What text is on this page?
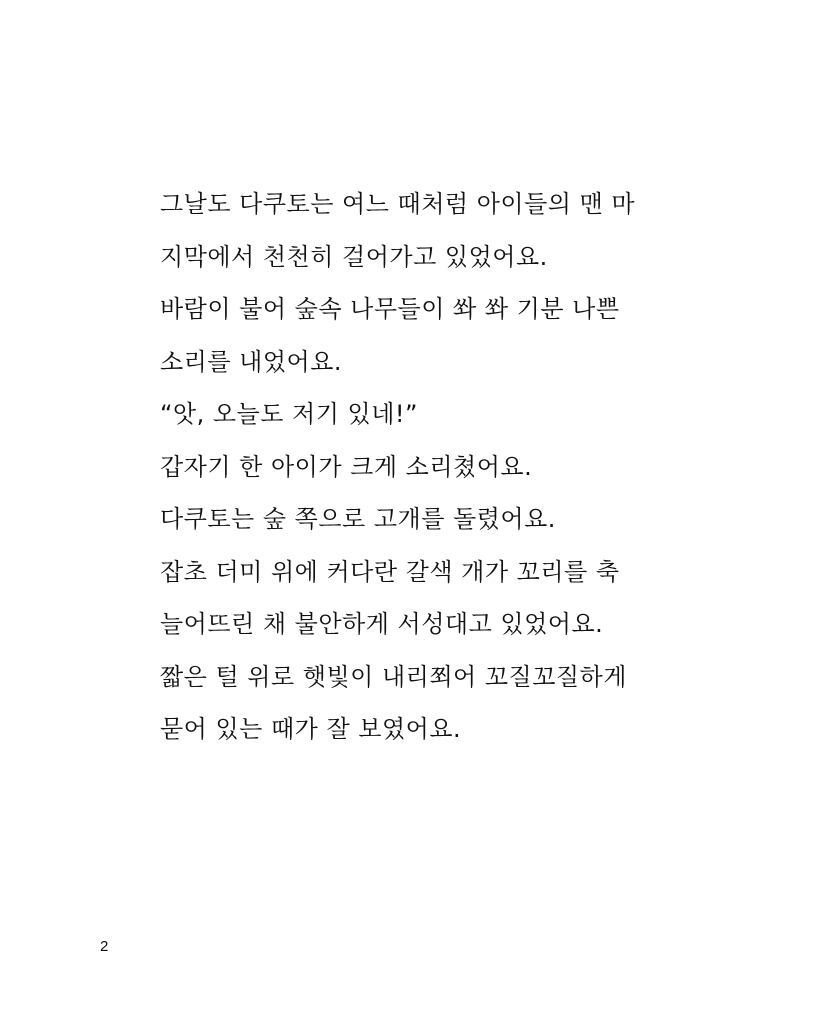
그날도 다쿠토는 여느 때처럼 아이들의 맨 마
지막에서 천천히 걸어가고 있었어요.
바람이 불어 숲속 나무들이 쏴 쏴 기분 나쁜
소리를 내었어요.
“앗, 오늘도 저기 있네!”
갑자기 한 아이가 크게 소리쳤어요.
다쿠토는 숲 쪽으로 고개를 돌렸어요.
잡초 더미 위에 커다란 갈색 개가 꼬리를 축
늘어뜨린 채 불안하게 서성대고 있었어요.
짧은 털 위로 햇빛이 내리쬐어 꼬질꼬질하게
묻어 있는 때가 잘 보였어요.
2
